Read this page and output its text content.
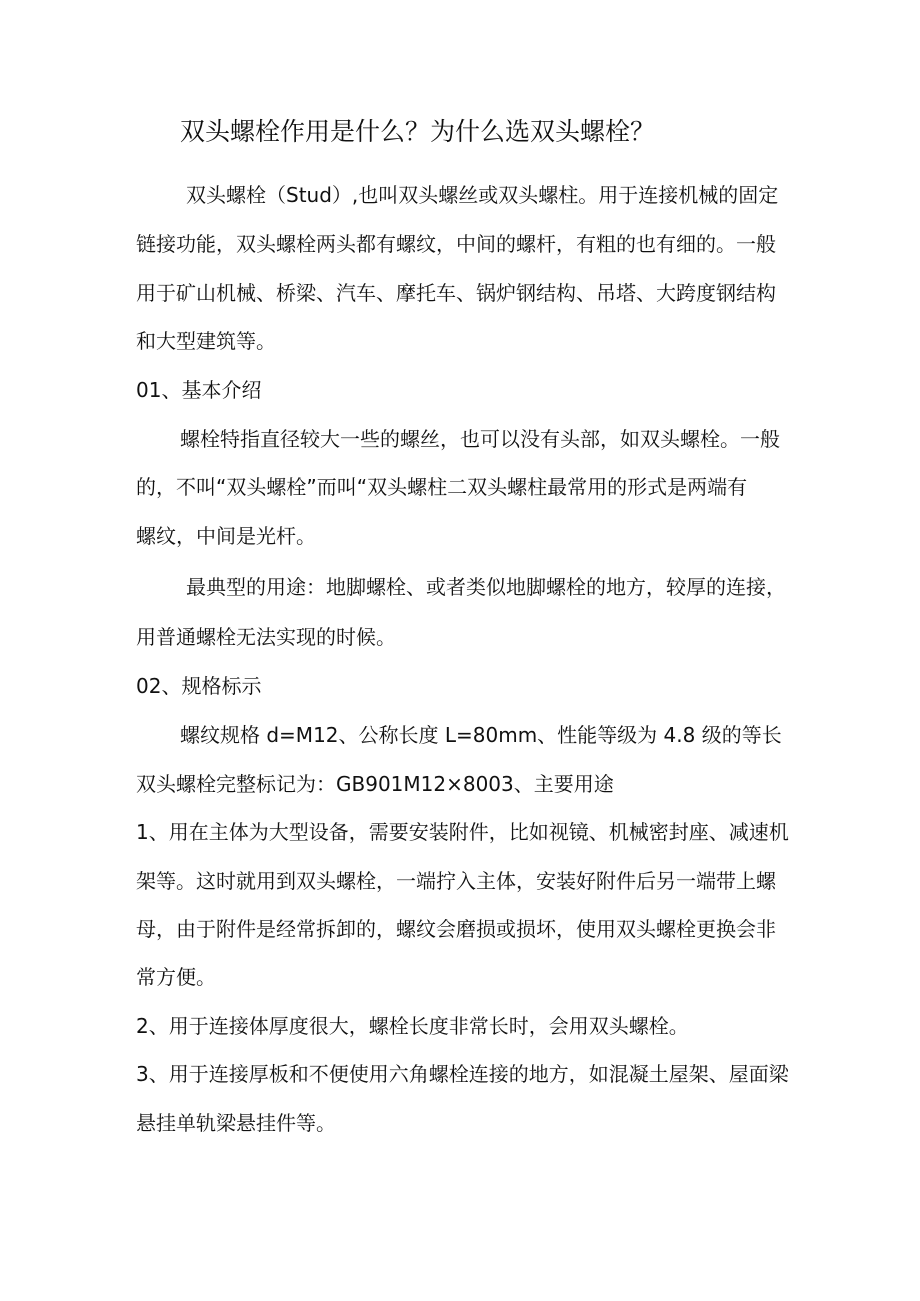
双头螺栓作用是什么？为什么选双头螺栓？

双头螺栓（Stud）,也叫双头螺丝或双头螺柱。用于连接机械的固定

链接功能，双头螺栓两头都有螺纹，中间的螺杆，有粗的也有细的。一般

用于矿山机械、桥梁、汽车、摩托车、锅炉钢结构、吊塔、大跨度钢结构

和大型建筑等。

01、基本介绍

螺栓特指直径较大一些的螺丝，也可以没有头部，如双头螺栓。一般

的，不叫“双头螺栓”而叫“双头螺柱二双头螺柱最常用的形式是两端有

螺纹，中间是光杆。

最典型的用途：地脚螺栓、或者类似地脚螺栓的地方，较厚的连接，

用普通螺栓无法实现的时候。

02、规格标示

螺纹规格 d=M12、公称长度 L=80mm、性能等级为 4.8 级的等长

双头螺栓完整标记为：GB901M12×8003、主要用途

1、用在主体为大型设备，需要安装附件，比如视镜、机械密封座、减速机

架等。这时就用到双头螺栓，一端拧入主体，安装好附件后另一端带上螺

母，由于附件是经常拆卸的，螺纹会磨损或损坏，使用双头螺栓更换会非

常方便。

2、用于连接体厚度很大，螺栓长度非常长时，会用双头螺栓。

3、用于连接厚板和不便使用六角螺栓连接的地方，如混凝土屋架、屋面梁

悬挂单轨梁悬挂件等。
